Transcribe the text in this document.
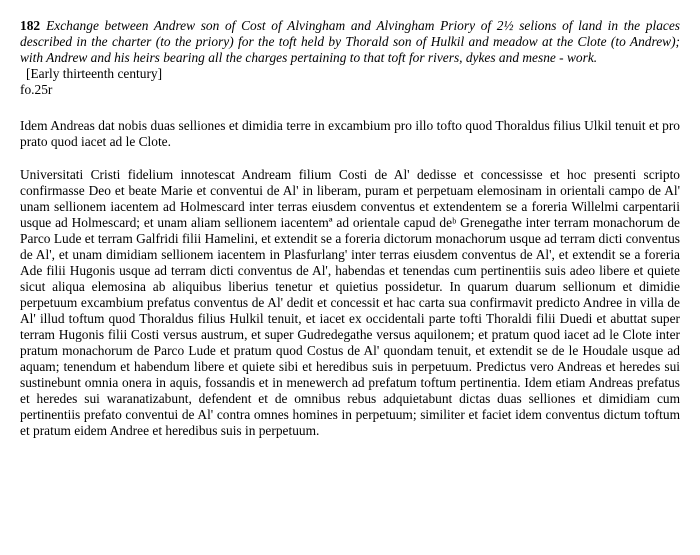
182 Exchange between Andrew son of Cost of Alvingham and Alvingham Priory of 2½ selions of land in the places described in the charter (to the priory) for the toft held by Thorald son of Hulkil and meadow at the Clote (to Andrew); with Andrew and his heirs bearing all the charges pertaining to that toft for rivers, dykes and mesne - work.

[Early thirteenth century]

fo.25r

Idem Andreas dat nobis duas selliones et dimidia terre in excambium pro illo tofto quod Thoraldus filius Ulkil tenuit et pro prato quod iacet ad le Clote.

Universitati Cristi fidelium innotescat Andream filium Costi de Al' dedisse et concessisse et hoc presenti scripto confirmasse Deo et beate Marie et conventui de Al' in liberam, puram et perpetuam elemosinam in orientali campo de Al' unam sellionem iacentem ad Holmescard inter terras eiusdem conventus et extendentem se a foreria Willelmi carpentarii usque ad Holmescard; et unam aliam sellionem iacentemª ad orientale capud deᵇ Grenegathe inter terram monachorum de Parco Lude et terram Galfridi filii Hamelini, et extendit se a foreria dictorum monachorum usque ad terram dicti conventus de Al', et unam dimidiam sellionem iacentem in Plasfurlang' inter terras eiusdem conventus de Al', et extendit se a foreria Ade filii Hugonis usque ad terram dicti conventus de Al', habendas et tenendas cum pertinentiis suis adeo libere et quiete sicut aliqua elemosina ab aliquibus liberius tenetur et quietius possidetur. In quarum duarum sellionum et dimidie perpetuum excambium prefatus conventus de Al' dedit et concessit et hac carta sua confirmavit predicto Andree in villa de Al' illud toftum quod Thoraldus filius Hulkil tenuit, et iacet ex occidentali parte tofti Thoraldi filii Duedi et abuttat super terram Hugonis filii Costi versus austrum, et super Gudredegathe versus aquilonem; et pratum quod iacet ad le Clote inter pratum monachorum de Parco Lude et pratum quod Costus de Al' quondam tenuit, et extendit se de le Houdale usque ad aquam; tenendum et habendum libere et quiete sibi et heredibus suis in perpetuum. Predictus vero Andreas et heredes sui sustinebunt omnia onera in aquis, fossandis et in menewerch ad prefatum toftum pertinentia. Idem etiam Andreas prefatus et heredes sui waranatizabunt, defendent et de omnibus rebus adquietabunt dictas duas selliones et dimidiam cum pertinentiis prefato conventui de Al' contra omnes homines in perpetuum; similiter et faciet idem conventus dictum toftum et pratum eidem Andree et heredibus suis in perpetuum.
